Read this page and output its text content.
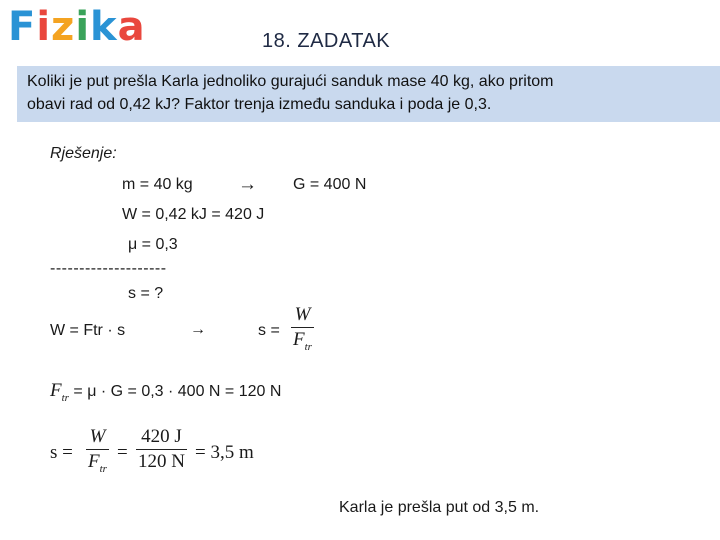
Fizika	18. ZADATAK
Koliki je put prešla Karla jednoliko gurajući sanduk mase 40 kg, ako pritom
obavi rad od 0,42 kJ? Faktor trenja između sanduka i poda je 0,3.
Rješenje:
m = 40 kg → G = 400 N
W = 0,42 kJ = 420 J
μ = 0,3
--------------------
s = ?
W = Ftr · s	→	s =
W
$F_{tr}$
$F_{tr} = \mu \cdot G = 0,3 \cdot 400$ N = 120 N
s =
W
$F_{tr}$
=
420 J
120 N = 3,5 m
Karla je prešla put od 3,5 m.
